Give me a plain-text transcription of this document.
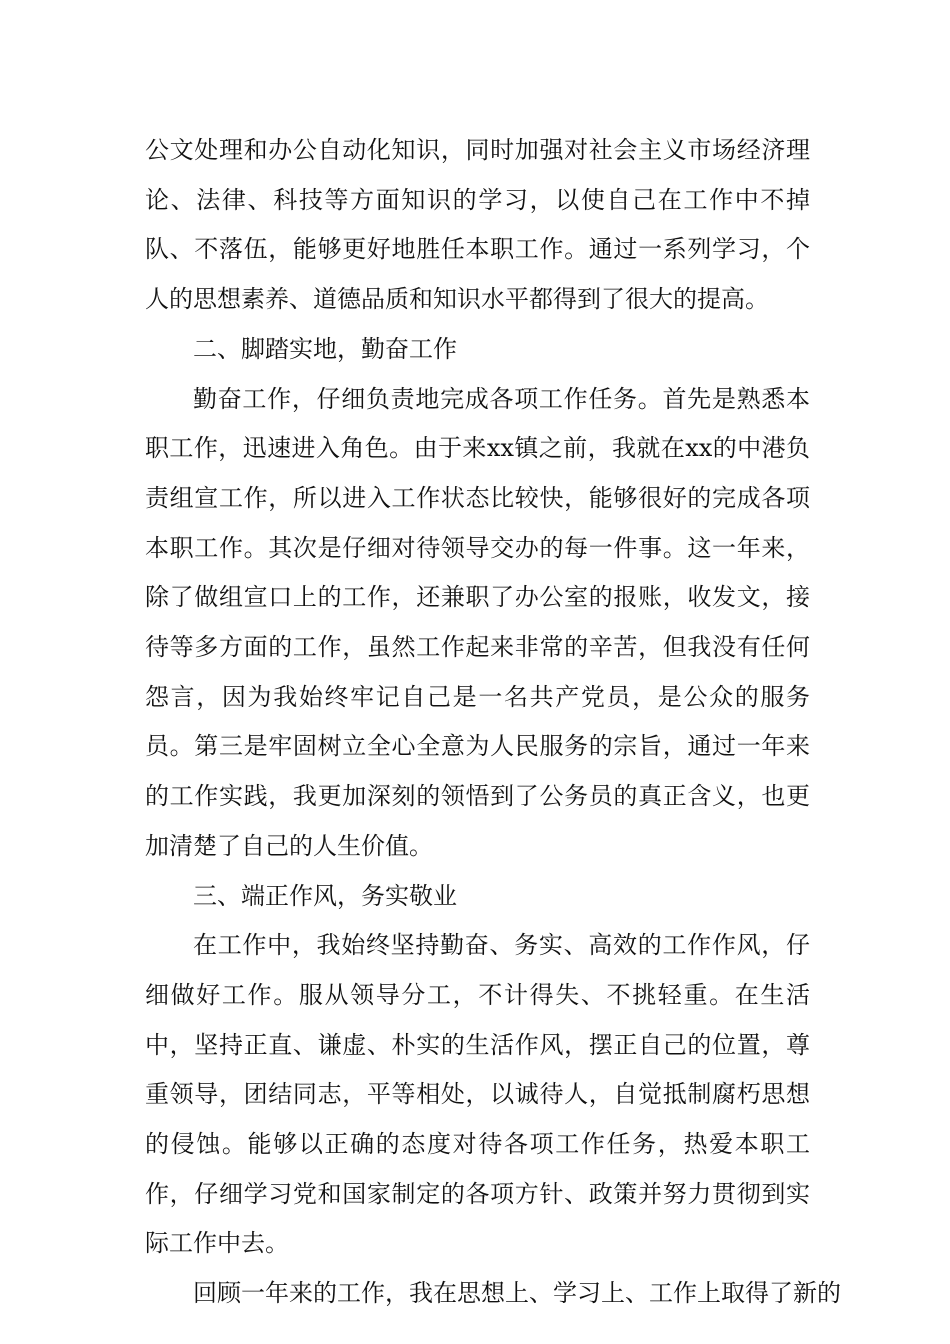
公文处理和办公自动化知识，同时加强对社会主义市场经济理论、法律、科技等方面知识的学习，以使自己在工作中不掉队、不落伍，能够更好地胜任本职工作。通过一系列学习，个人的思想素养、道德品质和知识水平都得到了很大的提高。

二、脚踏实地，勤奋工作

勤奋工作，仔细负责地完成各项工作任务。首先是熟悉本职工作，迅速进入角色。由于来xx镇之前，我就在xx的中港负责组宣工作，所以进入工作状态比较快，能够很好的完成各项本职工作。其次是仔细对待领导交办的每一件事。这一年来，除了做组宣口上的工作，还兼职了办公室的报账，收发文，接待等多方面的工作，虽然工作起来非常的辛苦，但我没有任何怨言，因为我始终牢记自己是一名共产党员，是公众的服务员。第三是牢固树立全心全意为人民服务的宗旨，通过一年来的工作实践，我更加深刻的领悟到了公务员的真正含义，也更加清楚了自己的人生价值。

三、端正作风，务实敬业

在工作中，我始终坚持勤奋、务实、高效的工作作风，仔细做好工作。服从领导分工，不计得失、不挑轻重。在生活中，坚持正直、谦虚、朴实的生活作风，摆正自己的位置，尊重领导，团结同志，平等相处，以诚待人，自觉抵制腐朽思想的侵蚀。能够以正确的态度对待各项工作任务，热爱本职工作，仔细学习党和国家制定的各项方针、政策并努力贯彻到实际工作中去。

回顾一年来的工作，我在思想上、学习上、工作上取得了新的
